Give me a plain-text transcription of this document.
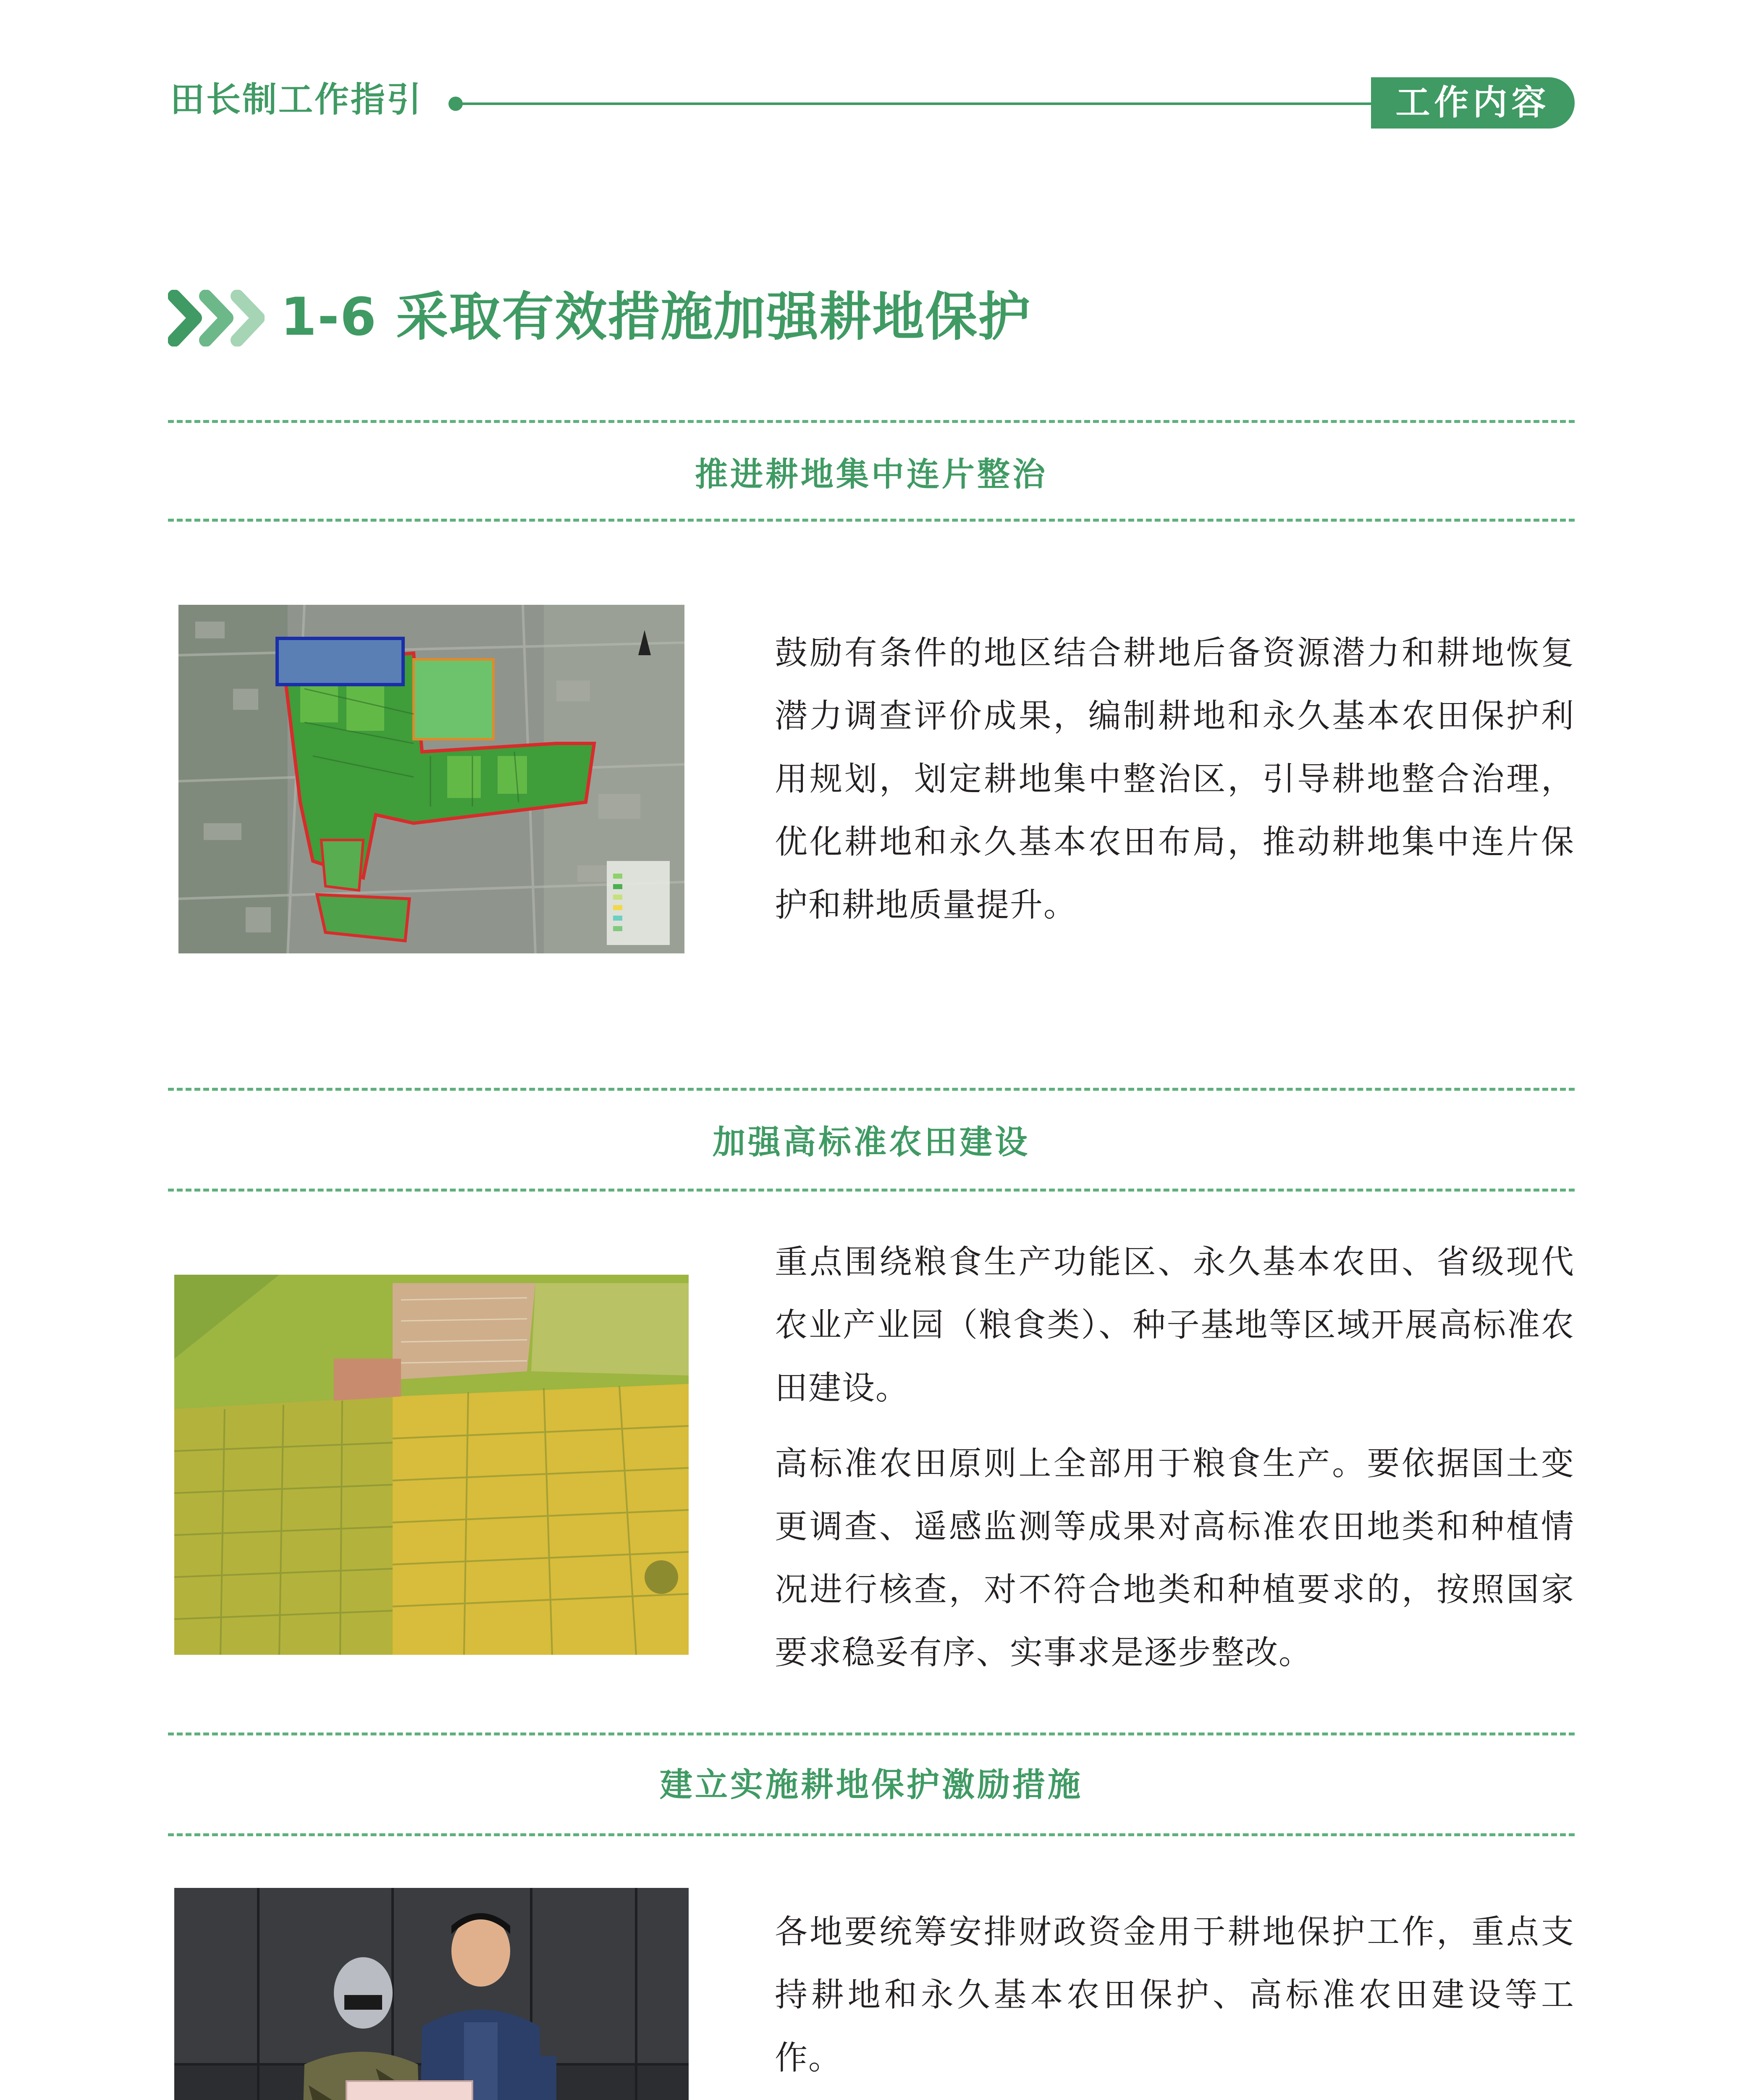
田长制工作指引	工作内容
1-6 采取有效措施加强耕地保护
推进耕地集中连片整治
鼓励有条件的地区结合耕地后备资源潜力和耕地恢复潜力调查评价成果，编制耕地和永久基本农田保护利用规划，划定耕地集中整治区，引导耕地整合治理，优化耕地和永久基本农田布局，推动耕地集中连片保护和耕地质量提升。
加强高标准农田建设
重点围绕粮食生产功能区、永久基本农田、省级现代农业产业园（粮食类）、种子基地等区域开展高标准农田建设。
高标准农田原则上全部用于粮食生产。要依据国土变更调查、遥感监测等成果对高标准农田地类和种植情况进行核查，对不符合地类和种植要求的，按照国家要求稳妥有序、实事求是逐步整改。
建立实施耕地保护激励措施
各地要统筹安排财政资金用于耕地保护工作，重点支持耕地和永久基本农田保护、高标准农田建设等工作。
